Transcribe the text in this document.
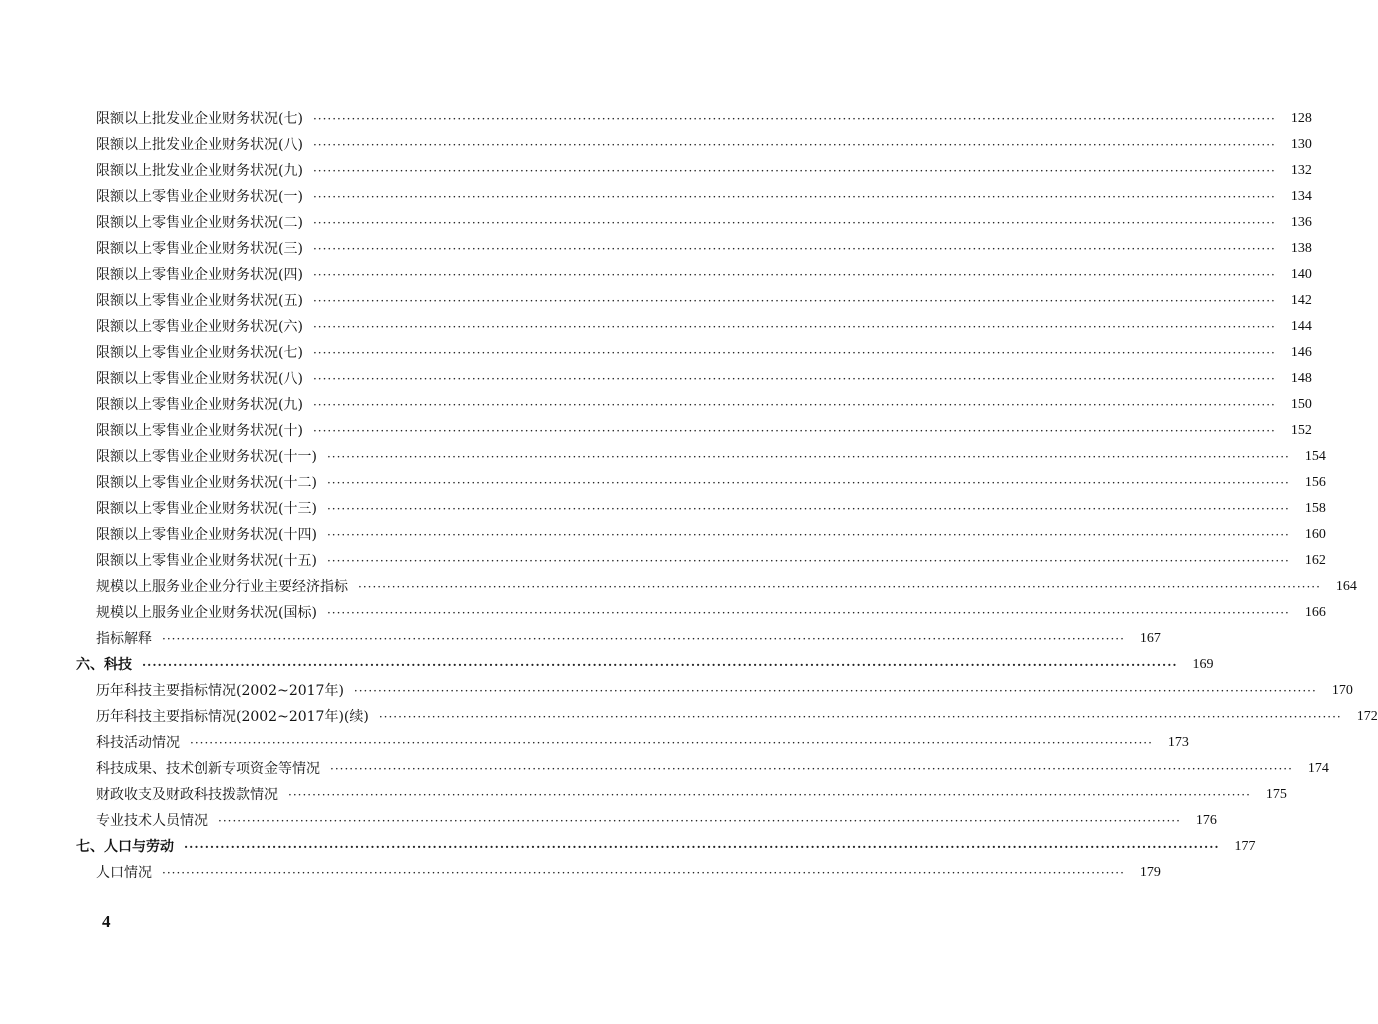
限额以上批发业企业财务状况(七) ········································································································································································································	128
限额以上批发业企业财务状况(八) ········································································································································································································	130
限额以上批发业企业财务状况(九) ········································································································································································································	132
限额以上零售业企业财务状况(一) ········································································································································································································	134
限额以上零售业企业财务状况(二) ········································································································································································································	136
限额以上零售业企业财务状况(三) ········································································································································································································	138
限额以上零售业企业财务状况(四) ········································································································································································································	140
限额以上零售业企业财务状况(五) ········································································································································································································	142
限额以上零售业企业财务状况(六) ········································································································································································································	144
限额以上零售业企业财务状况(七) ········································································································································································································	146
限额以上零售业企业财务状况(八) ········································································································································································································	148
限额以上零售业企业财务状况(九) ········································································································································································································	150
限额以上零售业企业财务状况(十) ········································································································································································································	152
限额以上零售业企业财务状况(十一) ········································································································································································································	154
限额以上零售业企业财务状况(十二) ········································································································································································································	156
限额以上零售业企业财务状况(十三) ········································································································································································································	158
限额以上零售业企业财务状况(十四) ········································································································································································································	160
限额以上零售业企业财务状况(十五) ········································································································································································································	162
规模以上服务业企业分行业主要经济指标 ········································································································································································································	164
规模以上服务业企业财务状况(国标) ········································································································································································································	166
指标解释 ········································································································································································································	167
六、科技 ········································································································································································································	169
历年科技主要指标情况(2002~2017年) ········································································································································································································	170
历年科技主要指标情况(2002~2017年)(续) ········································································································································································································	172
科技活动情况 ········································································································································································································	173
科技成果、技术创新专项资金等情况 ········································································································································································································	174
财政收支及财政科技拨款情况 ········································································································································································································	175
专业技术人员情况 ········································································································································································································	176
七、人口与劳动 ········································································································································································································	177
人口情况 ········································································································································································································	179
4
